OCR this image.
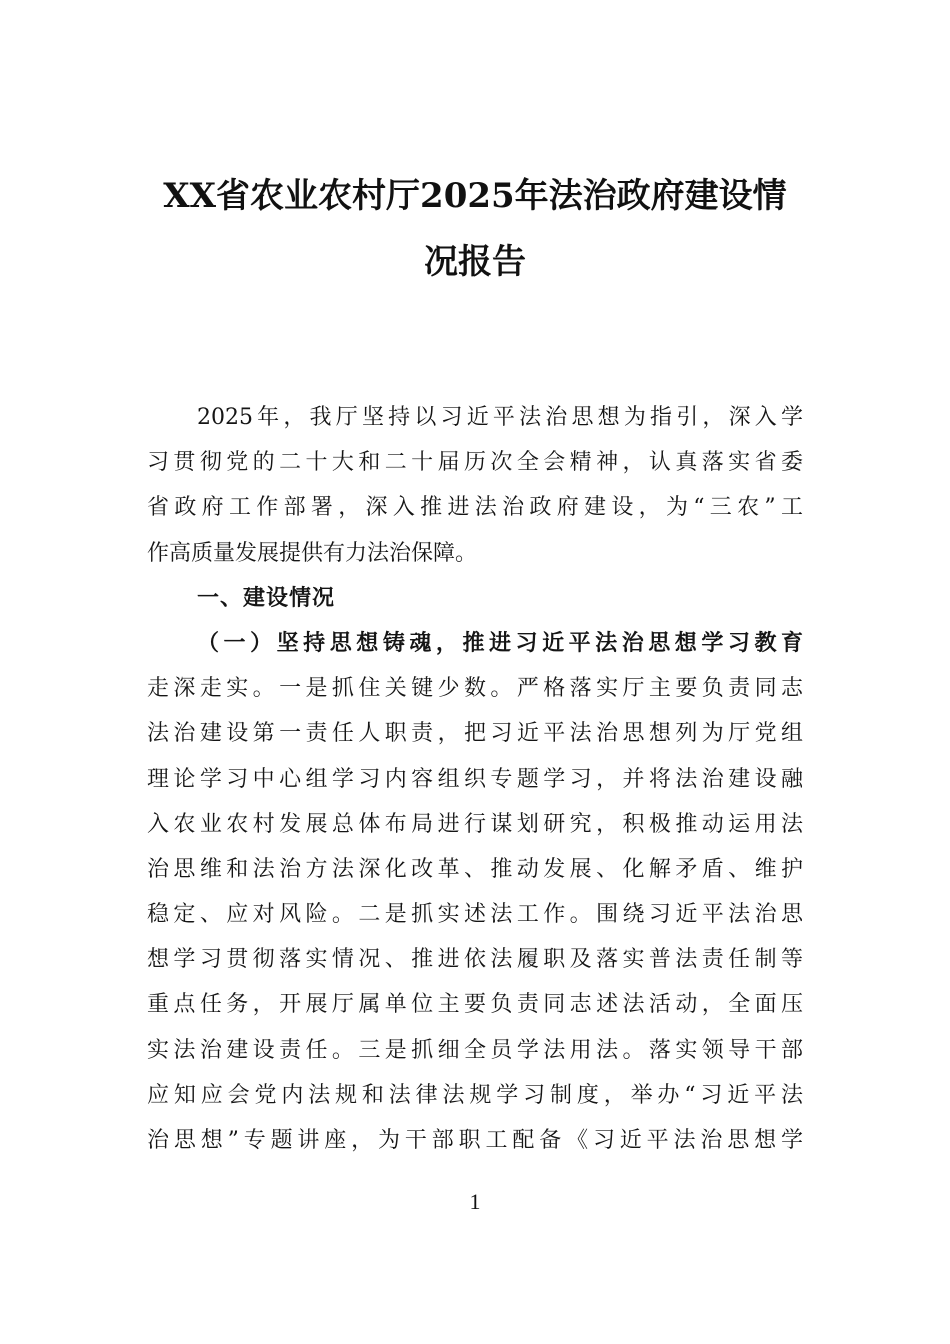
XX省农业农村厅2025年法治政府建设情
况报告
2025年，我厅坚持以习近平法治思想为指引，深入学
习贯彻党的二十大和二十届历次全会精神，认真落实省委
省政府工作部署，深入推进法治政府建设，为“三农”工
作高质量发展提供有力法治保障。
一、建设情况
（一）坚持思想铸魂，推进习近平法治思想学习教育
走深走实。一是抓住关键少数。严格落实厅主要负责同志
法治建设第一责任人职责，把习近平法治思想列为厅党组
理论学习中心组学习内容组织专题学习，并将法治建设融
入农业农村发展总体布局进行谋划研究，积极推动运用法
治思维和法治方法深化改革、推动发展、化解矛盾、维护
稳定、应对风险。二是抓实述法工作。围绕习近平法治思
想学习贯彻落实情况、推进依法履职及落实普法责任制等
重点任务，开展厅属单位主要负责同志述法活动，全面压
实法治建设责任。三是抓细全员学法用法。落实领导干部
应知应会党内法规和法律法规学习制度，举办“习近平法
治思想”专题讲座，为干部职工配备《习近平法治思想学
1
